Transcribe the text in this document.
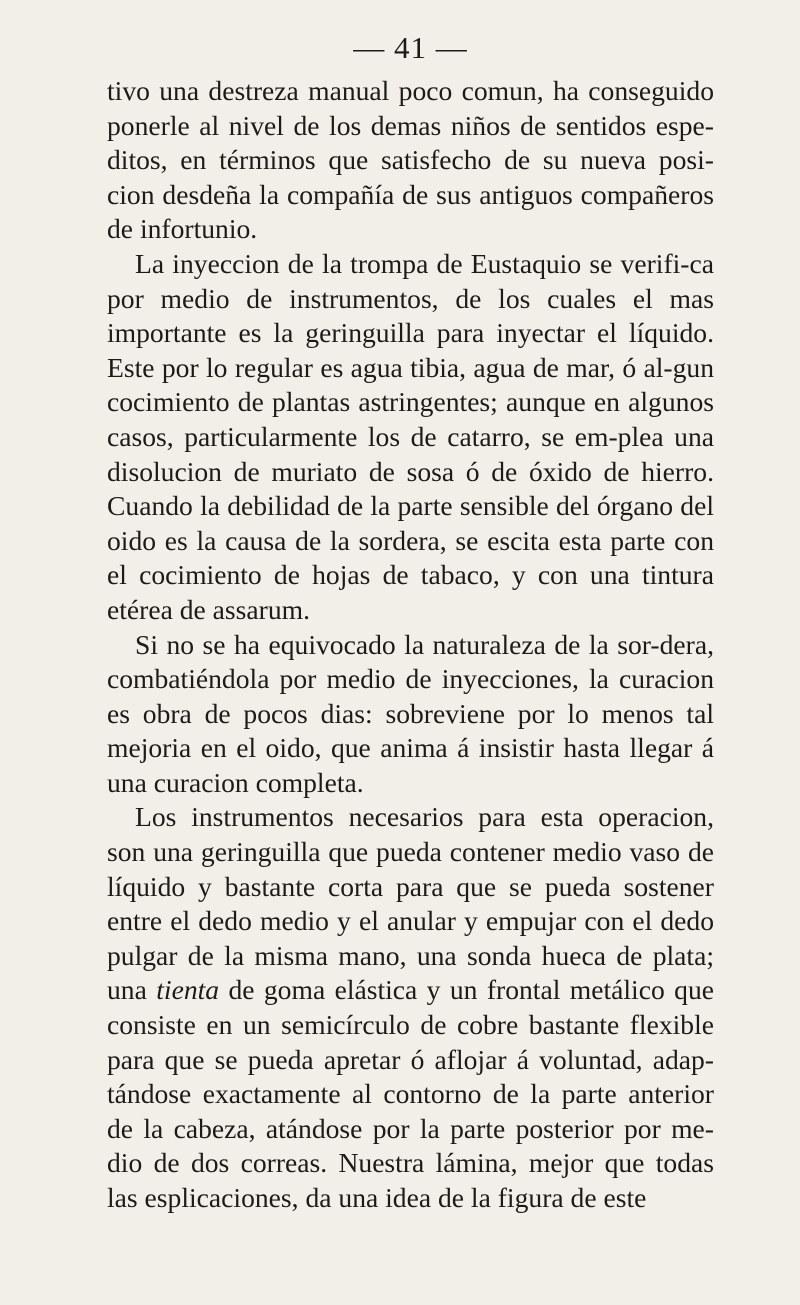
— 41 —

tivo una destreza manual poco comun, ha conseguido ponerle al nivel de los demas niños de sentidos espe-ditos, en términos que satisfecho de su nueva posi-cion desdeña la compañía de sus antiguos compañeros de infortunio.

La inyeccion de la trompa de Eustaquio se verifi-ca por medio de instrumentos, de los cuales el mas importante es la geringuilla para inyectar el líquido. Este por lo regular es agua tibia, agua de mar, ó al-gun cocimiento de plantas astringentes; aunque en algunos casos, particularmente los de catarro, se em-plea una disolucion de muriato de sosa ó de óxido de hierro. Cuando la debilidad de la parte sensible del órgano del oido es la causa de la sordera, se escita esta parte con el cocimiento de hojas de tabaco, y con una tintura etérea de assarum.

Si no se ha equivocado la naturaleza de la sor-dera, combatiéndola por medio de inyecciones, la curacion es obra de pocos dias: sobreviene por lo menos tal mejoria en el oido, que anima á insistir hasta llegar á una curacion completa.

Los instrumentos necesarios para esta operacion, son una geringuilla que pueda contener medio vaso de líquido y bastante corta para que se pueda sostener entre el dedo medio y el anular y empujar con el dedo pulgar de la misma mano, una sonda hueca de plata; una tienta de goma elástica y un frontal metálico que consiste en un semicírculo de cobre bastante flexible para que se pueda apretar ó aflojar á voluntad, adap-tándose exactamente al contorno de la parte anterior de la cabeza, atándose por la parte posterior por me-dio de dos correas. Nuestra lámina, mejor que todas las esplicaciones, da una idea de la figura de este
